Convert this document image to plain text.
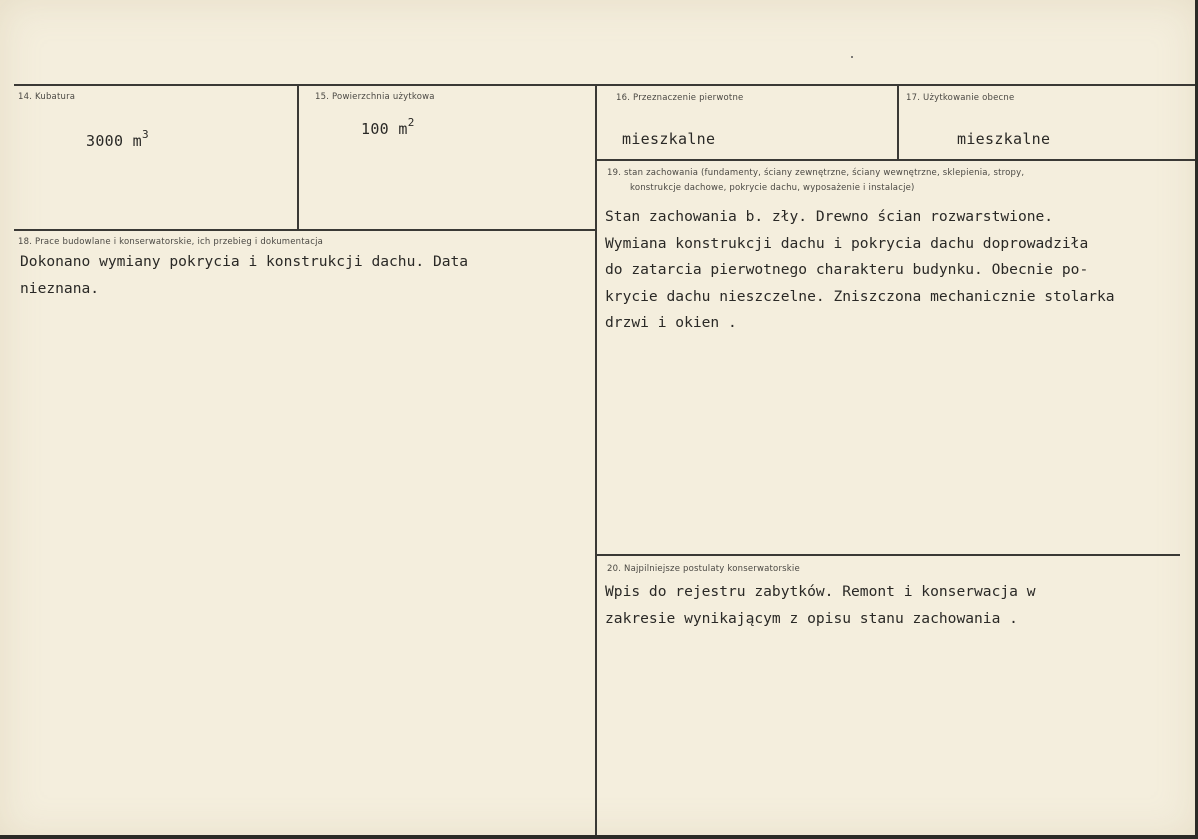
14. Kubatura
3000 $m^3$
15. Powierzchnia użytkowa
100 $m^2$
16. Przeznaczenie pierwotne
mieszkalne
17. Użytkowanie obecne
mieszkalne
18. Prace budowlane i konserwatorskie, ich przebieg i dokumentacja
Dokonano wymiany pokrycia i konstrukcji dachu. Data
nieznana.
19. stan zachowania (fundamenty, ściany zewnętrzne, ściany wewnętrzne, sklepienia, stropy,
konstrukcje dachowe, pokrycie dachu, wyposażenie i instalacje)
Stan zachowania b. zły. Drewno ścian rozwarstwione.
Wymiana konstrukcji dachu i pokrycia dachu doprowadziła
do zatarcia pierwotnego charakteru budynku. Obecnie po-
krycie dachu nieszczelne. Zniszczona mechanicznie stolarka
drzwi i okien .
20. Najpilniejsze postulaty konserwatorskie
Wpis do rejestru zabytków. Remont i konserwacja w
zakresie wynikającym z opisu stanu zachowania .
